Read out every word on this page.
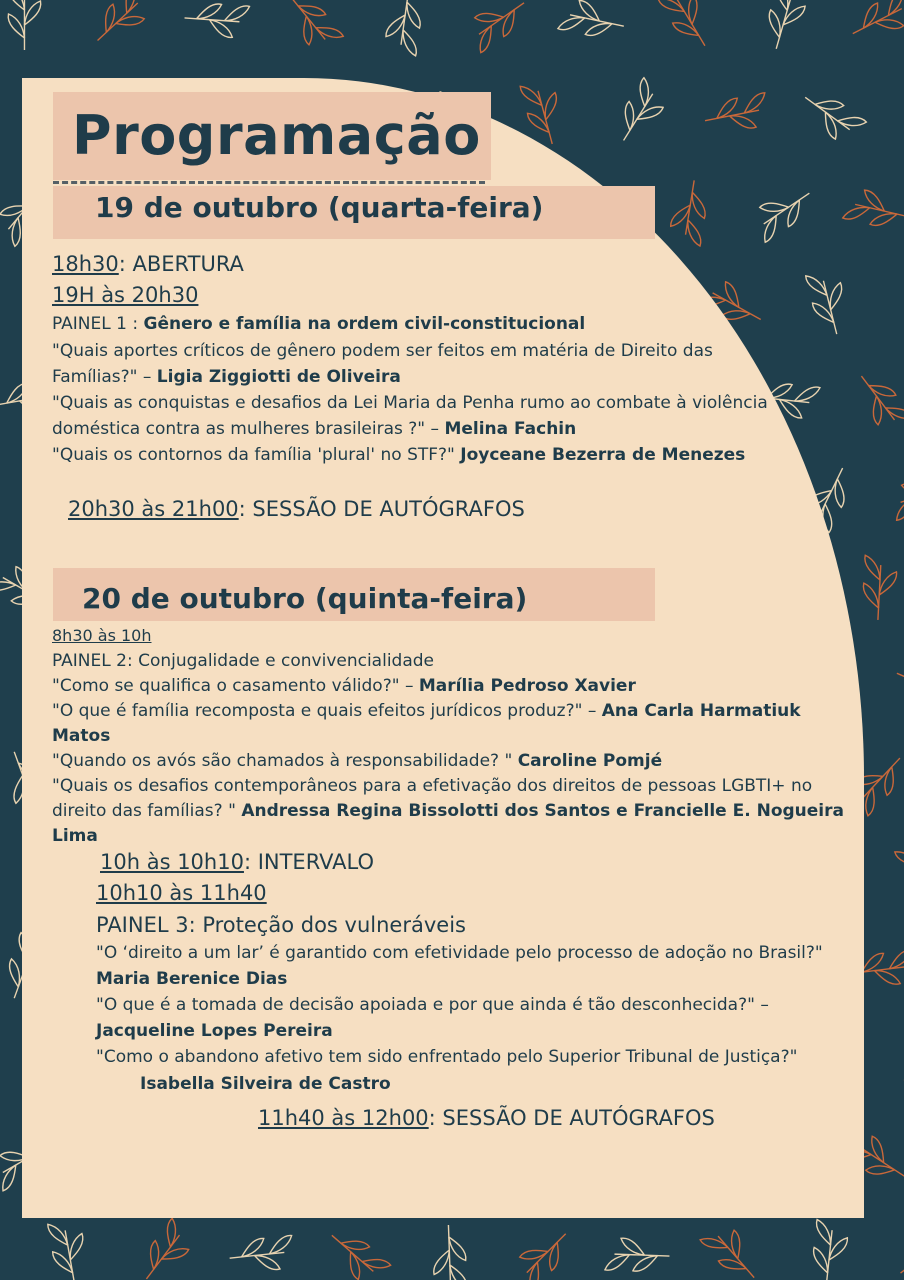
Programação
19 de outubro (quarta-feira)
18h30: ABERTURA
19H às 20h30
PAINEL 1 : Gênero e família na ordem civil-constitucional
"Quais aportes críticos de gênero podem ser feitos em matéria de Direito das
Famílias?" – Ligia Ziggiotti de Oliveira
"Quais as conquistas e desafios da Lei Maria da Penha rumo ao combate à violência
doméstica contra as mulheres brasileiras ?" – Melina Fachin
"Quais os contornos da família 'plural' no STF?" Joyceane Bezerra de Menezes
20h30 às 21h00: SESSÃO DE AUTÓGRAFOS
20 de outubro (quinta-feira)
8h30 às 10h
PAINEL 2: Conjugalidade e convivencialidade
"Como se qualifica o casamento válido?" – Marília Pedroso Xavier
"O que é família recomposta e quais efeitos jurídicos produz?" – Ana Carla Harmatiuk
Matos
"Quando os avós são chamados à responsabilidade? " Caroline Pomjé
"Quais os desafios contemporâneos para a efetivação dos direitos de pessoas LGBTI+ no
direito das famílias? " Andressa Regina Bissolotti dos Santos e Francielle E. Nogueira
Lima
10h às 10h10: INTERVALO
10h10 às 11h40
PAINEL 3: Proteção dos vulneráveis
"O ‘direito a um lar’ é garantido com efetividade pelo processo de adoção no Brasil?"
Maria Berenice Dias
"O que é a tomada de decisão apoiada e por que ainda é tão desconhecida?" –
Jacqueline Lopes Pereira
"Como o abandono afetivo tem sido enfrentado pelo Superior Tribunal de Justiça?"
Isabella Silveira de Castro
11h40 às 12h00: SESSÃO DE AUTÓGRAFOS
